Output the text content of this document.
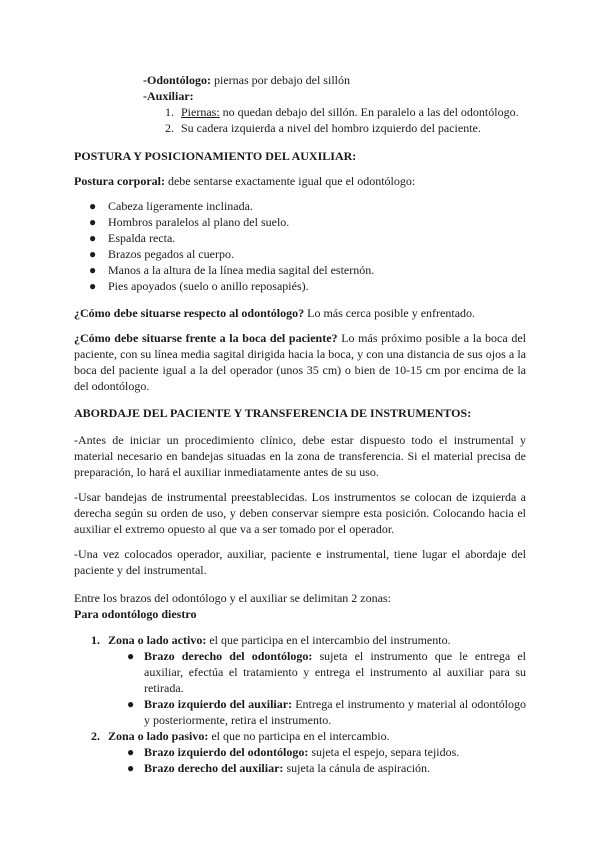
-Odontólogo: piernas por debajo del sillón
-Auxiliar:
1. Piernas: no quedan debajo del sillón. En paralelo a las del odontólogo.
2. Su cadera izquierda a nivel del hombro izquierdo del paciente.
POSTURA Y POSICIONAMIENTO DEL AUXILIAR:
Postura corporal: debe sentarse exactamente igual que el odontólogo:
● Cabeza ligeramente inclinada.
● Hombros paralelos al plano del suelo.
● Espalda recta.
● Brazos pegados al cuerpo.
● Manos a la altura de la línea media sagital del esternón.
● Pies apoyados (suelo o anillo reposapiés).
¿Cómo debe situarse respecto al odontólogo? Lo más cerca posible y enfrentado.
¿Cómo debe situarse frente a la boca del paciente? Lo más próximo posible a la boca del paciente, con su línea media sagital dirigida hacia la boca, y con una distancia de sus ojos a la boca del paciente igual a la del operador (unos 35 cm) o bien de 10-15 cm por encima de la del odontólogo.
ABORDAJE DEL PACIENTE Y TRANSFERENCIA DE INSTRUMENTOS:
-Antes de iniciar un procedimiento clínico, debe estar dispuesto todo el instrumental y material necesario en bandejas situadas en la zona de transferencia. Si el material precisa de preparación, lo hará el auxiliar inmediatamente antes de su uso.
-Usar bandejas de instrumental preestablecidas. Los instrumentos se colocan de izquierda a derecha según su orden de uso, y deben conservar siempre esta posición. Colocando hacia el auxiliar el extremo opuesto al que va a ser tomado por el operador.
-Una vez colocados operador, auxiliar, paciente e instrumental, tiene lugar el abordaje del paciente y del instrumental.
Entre los brazos del odontólogo y el auxiliar se delimitan 2 zonas:
Para odontólogo diestro
1. Zona o lado activo: el que participa en el intercambio del instrumento.
● Brazo derecho del odontólogo: sujeta el instrumento que le entrega el auxiliar, efectúa el tratamiento y entrega el instrumento al auxiliar para su retirada.
● Brazo izquierdo del auxiliar: Entrega el instrumento y material al odontólogo y posteriormente, retira el instrumento.
2. Zona o lado pasivo: el que no participa en el intercambio.
● Brazo izquierdo del odontólogo: sujeta el espejo, separa tejidos.
● Brazo derecho del auxiliar: sujeta la cánula de aspiración.
